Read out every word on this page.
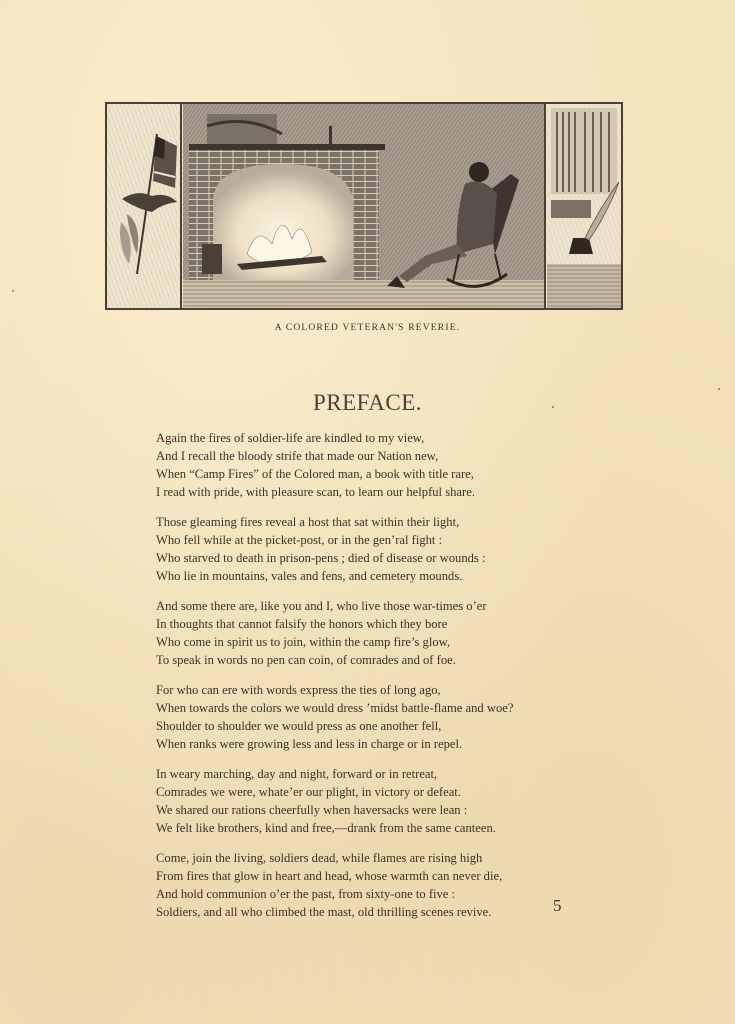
A COLORED VETERAN'S REVERIE.
PREFACE.
Again the fires of soldier-life are kindled to my view,
And I recall the bloody strife that made our Nation new,
When “Camp Fires” of the Colored man, a book with title rare,
I read with pride, with pleasure scan, to learn our helpful share.
Those gleaming fires reveal a host that sat within their light,
Who fell while at the picket-post, or in the gen’ral fight :
Who starved to death in prison-pens ; died of disease or wounds :
Who lie in mountains, vales and fens, and cemetery mounds.
And some there are, like you and I, who live those war-times o’er
In thoughts that cannot falsify the honors which they bore
Who come in spirit us to join, within the camp fire’s glow,
To speak in words no pen can coin, of comrades and of foe.
For who can ere with words express the ties of long ago,
When towards the colors we would dress ’midst battle-flame and woe?
Shoulder to shoulder we would press as one another fell,
When ranks were growing less and less in charge or in repel.
In weary marching, day and night, forward or in retreat,
Comrades we were, whate’er our plight, in victory or defeat.
We shared our rations cheerfully when haversacks were lean :
We felt like brothers, kind and free,—drank from the same canteen.
Come, join the living, soldiers dead, while flames are rising high
From fires that glow in heart and head, whose warmth can never die,
And hold communion o’er the past, from sixty-one to five :
Soldiers, and all who climbed the mast, old thrilling scenes revive.	5
